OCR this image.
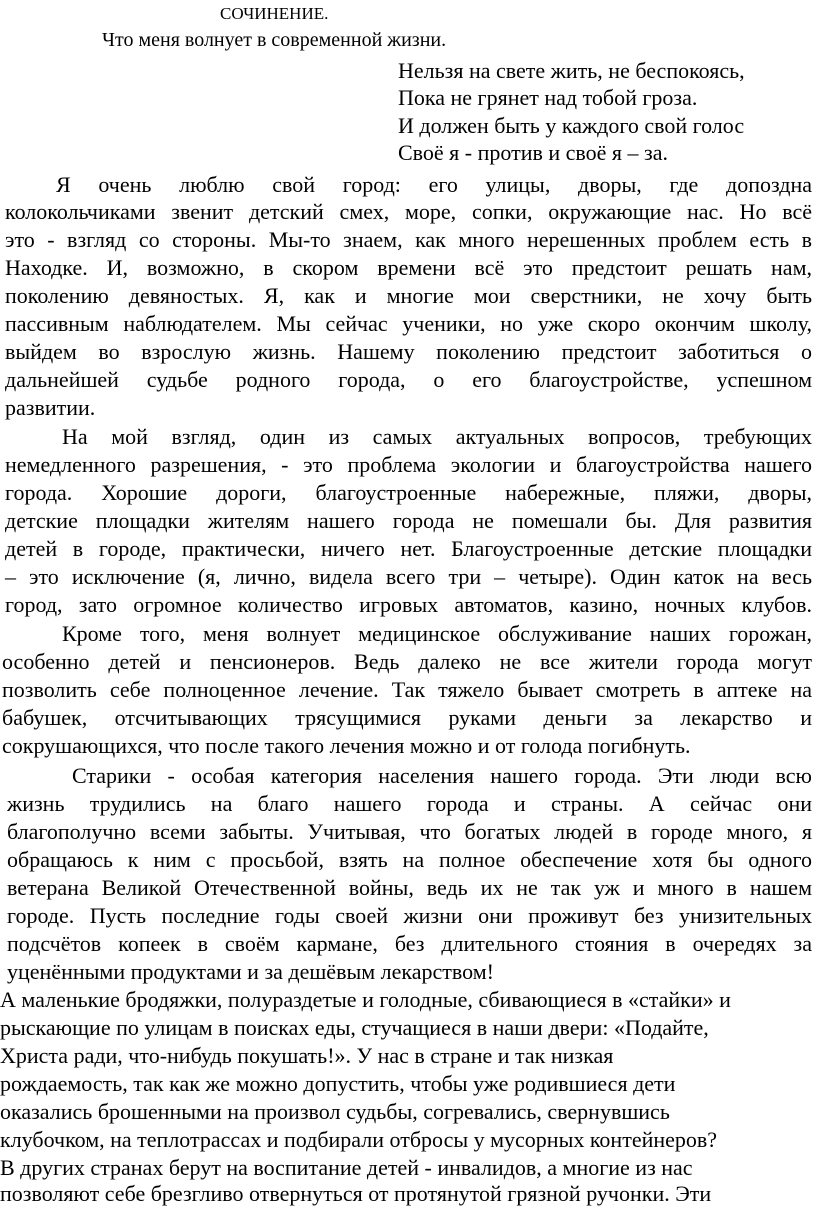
СОЧИНЕНИЕ.
Что меня волнует в современной жизни.
Нельзя на свете жить, не беспокоясь,
Пока не грянет над тобой гроза.
И должен быть у каждого свой голос
Своё я - против и своё я – за.
Я очень люблю свой город: его улицы, дворы, где допоздна
колокольчиками звенит детский смех, море, сопки, окружающие нас. Но всё
это - взгляд со стороны. Мы-то знаем, как много нерешенных проблем есть в
Находке. И, возможно, в скором времени всё это предстоит решать нам,
поколению девяностых. Я, как и многие мои сверстники, не хочу быть
пассивным наблюдателем. Мы сейчас ученики, но уже скоро окончим школу,
выйдем во взрослую жизнь. Нашему поколению предстоит заботиться о
дальнейшей судьбе родного города, о его благоустройстве, успешном
развитии.
На мой взгляд, один из самых актуальных вопросов, требующих
немедленного разрешения, - это проблема экологии и благоустройства нашего
города. Хорошие дороги, благоустроенные набережные, пляжи, дворы,
детские площадки жителям нашего города не помешали бы. Для развития
детей в городе, практически, ничего нет. Благоустроенные детские площадки
– это исключение (я, лично, видела всего три – четыре). Один каток на весь
город, зато огромное количество игровых автоматов, казино, ночных клубов.
Кроме того, меня волнует медицинское обслуживание наших горожан,
особенно детей и пенсионеров. Ведь далеко не все жители города могут
позволить себе полноценное лечение. Так тяжело бывает смотреть в аптеке на
бабушек, отсчитывающих трясущимися руками деньги за лекарство и
сокрушающихся, что после такого лечения можно и от голода погибнуть.
Старики - особая категория населения нашего города. Эти люди всю
жизнь трудились на благо нашего города и страны. А сейчас они
благополучно всеми забыты. Учитывая, что богатых людей в городе много, я
обращаюсь к ним с просьбой, взять на полное обеспечение хотя бы одного
ветерана Великой Отечественной войны, ведь их не так уж и много в нашем
городе. Пусть последние годы своей жизни они проживут без унизительных
подсчётов копеек в своём кармане, без длительного стояния в очередях за
уценёнными продуктами и за дешёвым лекарством!
А маленькие бродяжки, полураздетые и голодные, сбивающиеся в «стайки» и
рыскающие по улицам в поисках еды, стучащиеся в наши двери: «Подайте,
Христа ради, что-нибудь покушать!». У нас в стране и так низкая
рождаемость, так как же можно допустить, чтобы уже родившиеся дети
оказались брошенными на произвол судьбы, согревались, свернувшись
клубочком, на теплотрассах и подбирали отбросы у мусорных контейнеров?
В других странах берут на воспитание детей - инвалидов, а многие из нас
позволяют себе брезгливо отвернуться от протянутой грязной ручонки. Эти
